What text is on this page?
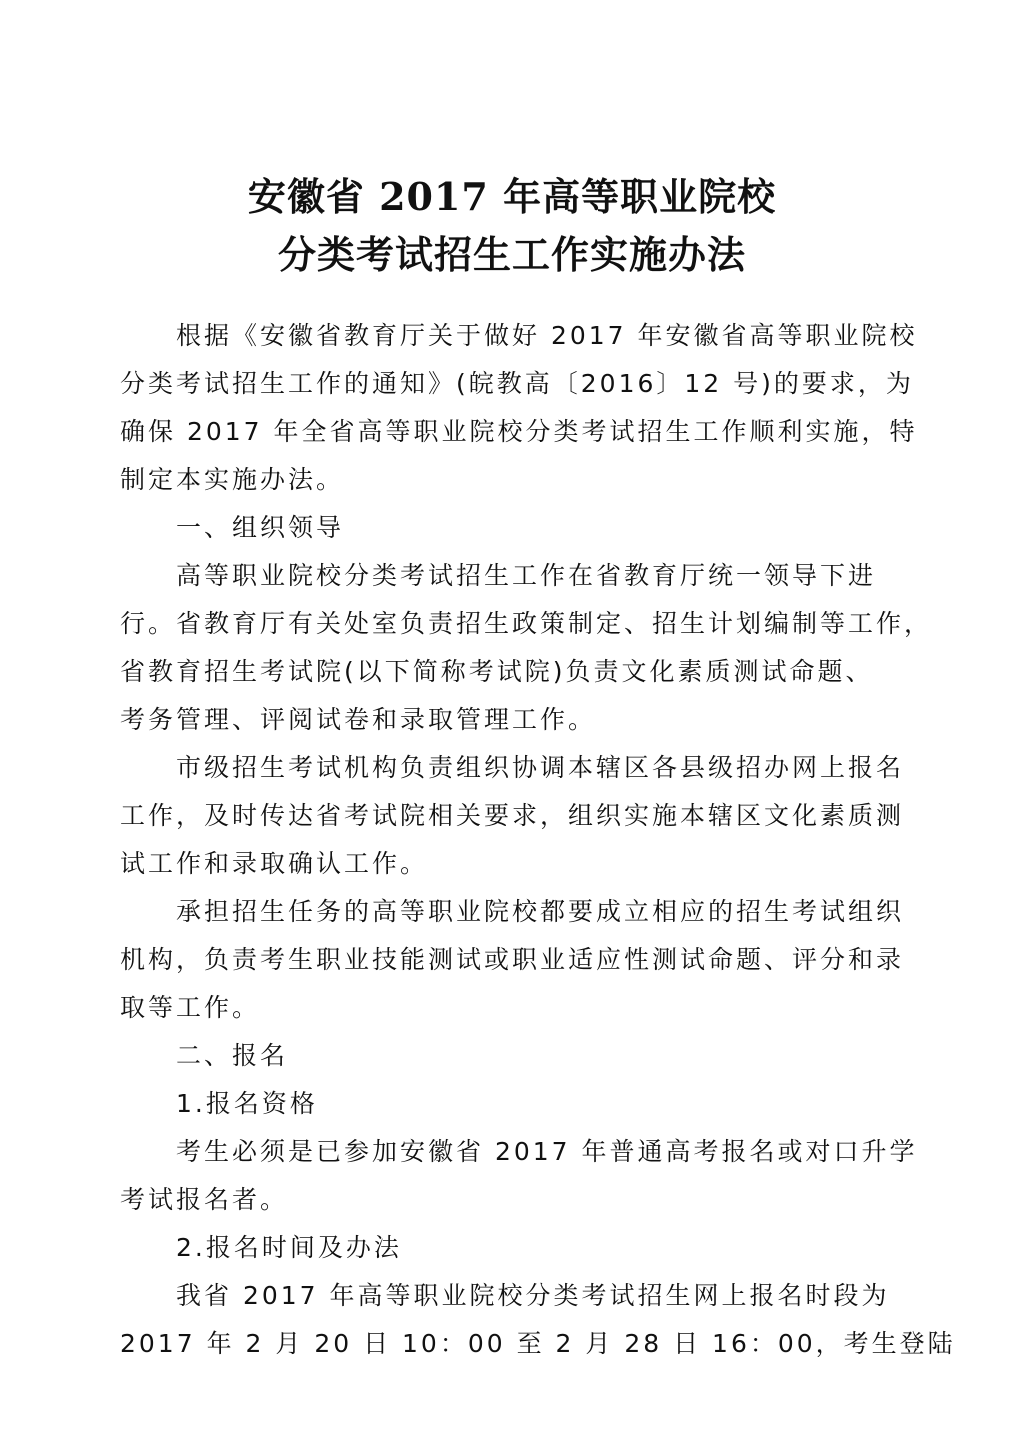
安徽省 2017 年高等职业院校
分类考试招生工作实施办法
根据《安徽省教育厅关于做好 2017 年安徽省高等职业院校
分类考试招生工作的通知》(皖教高〔2016〕12 号)的要求，为
确保 2017 年全省高等职业院校分类考试招生工作顺利实施，特
制定本实施办法。
一、组织领导
高等职业院校分类考试招生工作在省教育厅统一领导下进
行。省教育厅有关处室负责招生政策制定、招生计划编制等工作，
省教育招生考试院(以下简称考试院)负责文化素质测试命题、
考务管理、评阅试卷和录取管理工作。
市级招生考试机构负责组织协调本辖区各县级招办网上报名
工作，及时传达省考试院相关要求，组织实施本辖区文化素质测
试工作和录取确认工作。
承担招生任务的高等职业院校都要成立相应的招生考试组织
机构，负责考生职业技能测试或职业适应性测试命题、评分和录
取等工作。
二、报名
1.报名资格
考生必须是已参加安徽省 2017 年普通高考报名或对口升学
考试报名者。
2.报名时间及办法
我省 2017 年高等职业院校分类考试招生网上报名时段为
2017 年 2 月 20 日 10：00 至 2 月 28 日 16：00，考生登陆
